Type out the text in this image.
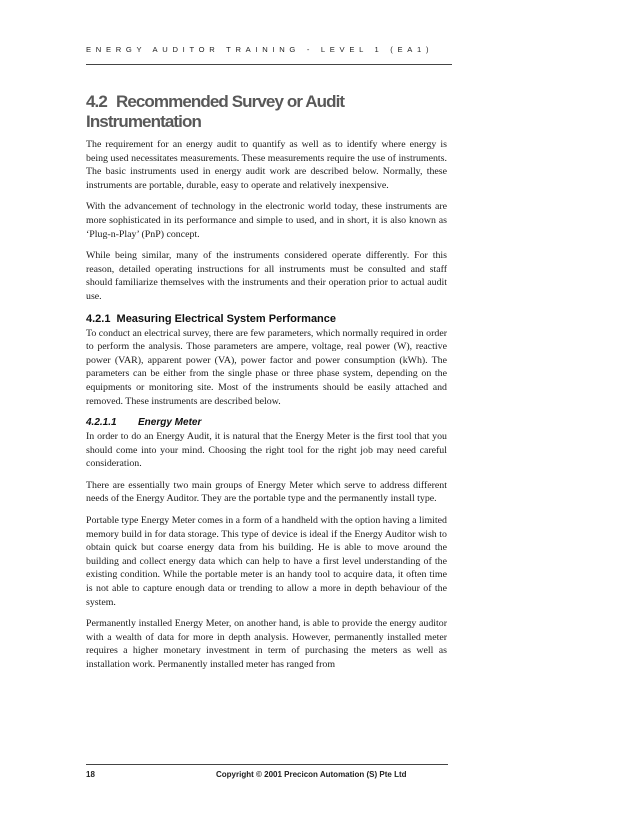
ENERGY AUDITOR TRAINING - LEVEL 1 (EA1)
4.2 Recommended Survey or Audit Instrumentation

The requirement for an energy audit to quantify as well as to identify where energy is being used necessitates measurements. These measurements require the use of instruments. The basic instruments used in energy audit work are described below. Normally, these instruments are portable, durable, easy to operate and relatively inexpensive.

With the advancement of technology in the electronic world today, these instruments are more sophisticated in its performance and simple to used, and in short, it is also known as ‘Plug-n-Play’ (PnP) concept.

While being similar, many of the instruments considered operate differently. For this reason, detailed operating instructions for all instruments must be consulted and staff should familiarize themselves with the instruments and their operation prior to actual audit use.

4.2.1 Measuring Electrical System Performance

To conduct an electrical survey, there are few parameters, which normally required in order to perform the analysis. Those parameters are ampere, voltage, real power (W), reactive power (VAR), apparent power (VA), power factor and power consumption (kWh). The parameters can be either from the single phase or three phase system, depending on the equipments or monitoring site. Most of the instruments should be easily attached and removed. These instruments are described below.

4.2.1.1 Energy Meter

In order to do an Energy Audit, it is natural that the Energy Meter is the first tool that you should come into your mind. Choosing the right tool for the right job may need careful consideration.

There are essentially two main groups of Energy Meter which serve to address different needs of the Energy Auditor. They are the portable type and the permanently install type.

Portable type Energy Meter comes in a form of a handheld with the option having a limited memory build in for data storage. This type of device is ideal if the Energy Auditor wish to obtain quick but coarse energy data from his building. He is able to move around the building and collect energy data which can help to have a first level understanding of the existing condition. While the portable meter is an handy tool to acquire data, it often time is not able to capture enough data or trending to allow a more in depth behaviour of the system.

Permanently installed Energy Meter, on another hand, is able to provide the energy auditor with a wealth of data for more in depth analysis. However, permanently installed meter requires a higher monetary investment in term of purchasing the meters as well as installation work. Permanently installed meter has ranged from

18	Copyright © 2001 Precicon Automation (S) Pte Ltd
